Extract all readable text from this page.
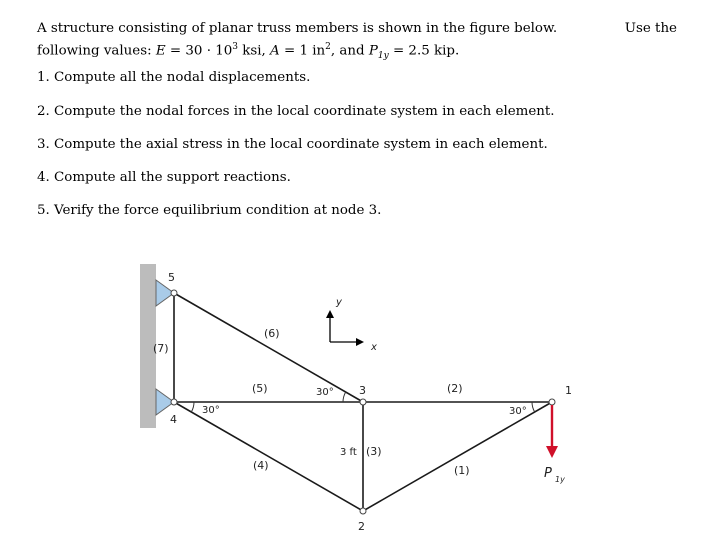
A structure consisting of planar truss members is shown in the figure below.	Use the
following values: $E = 30 \cdot 10^3$ ksi, A = 1 $in^2$, and $P_{1y} = 2.5$ kip.
1. Compute all the nodal displacements.
2. Compute the nodal forces in the local coordinate system in each element.
3. Compute the axial stress in the local coordinate system in each element.
4. Compute all the support reactions.
5. Verify the force equilibrium condition at node 3.
y
x
P 1y
5
4
3	1
2
(6)
(7)
(5)	(2)
(4)
(3)
(1)
30°
30°
30°
3 ft
